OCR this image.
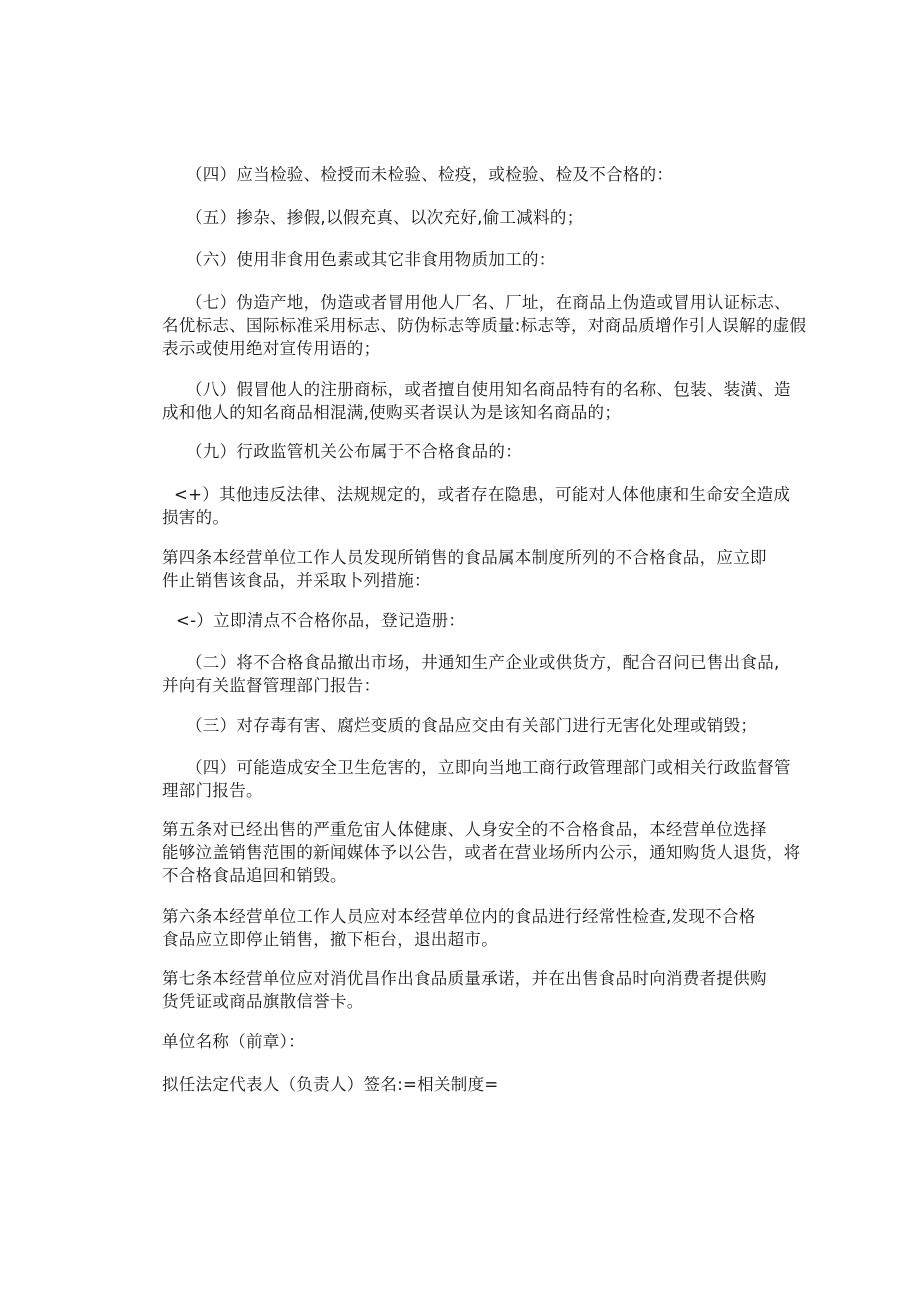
（四）应当检验、检授而未检验、检疫，或检验、检及不合格的：

（五）掺杂、掺假,以假充真、以次充好,偷工减料的；

（六）使用非食用色素或其它非食用物质加工的：

（七）伪造产地，伪造或者冒用他人厂名、厂址，在商品上伪造或冒用认证标志、
名优标志、国际标准采用标志、防伪标志等质量:标志等，对商品质增作引人误解的虚假
表示或使用绝对宣传用语的；

（八）假冒他人的注册商标，或者擅自使用知名商品特有的名称、包装、装潢、造
成和他人的知名商品相混满,使购买者误认为是该知名商品的；

（九）行政监管机关公布属于不合格食品的：

<+）其他违反法律、法规规定的，或者存在隐患，可能对人体他康和生命安全造成
损害的。

第四条本经营单位工作人员发现所销售的食品属本制度所列的不合格食品，应立即
件止销售该食品，并采取卜列措施：

<-）立即清点不合格你品，登记造册：

（二）将不合格食品撤出市场，井通知生产企业或供货方，配合召问已售出食品,
并向有关监督管理部门报告：

（三）对存毒有害、腐烂变质的食品应交由有关部门进行无害化处理或销毁；

（四）可能造成安全卫生危害的，立即向当地工商行政管理部门或相关行政监督管
理部门报告。

第五条对已经出售的严重危宙人体健康、人身安全的不合格食品，本经营单位选择
能够泣盖销售范围的新闻媒体予以公告，或者在营业场所内公示，通知购货人退货，将
不合格食品追回和销毁。

第六条本经营单位工作人员应对本经营单位内的食品进行经常性检查,发现不合格
食品应立即停止销售，撤下柜台，退出超市。

第七条本经营单位应对消优昌作出食品质量承诺，并在出售食品时向消费者提供购
货凭证或商品旗散信誉卡。

单位名称（前章）：

拟任法定代表人（负责人）签名:=相关制度=
